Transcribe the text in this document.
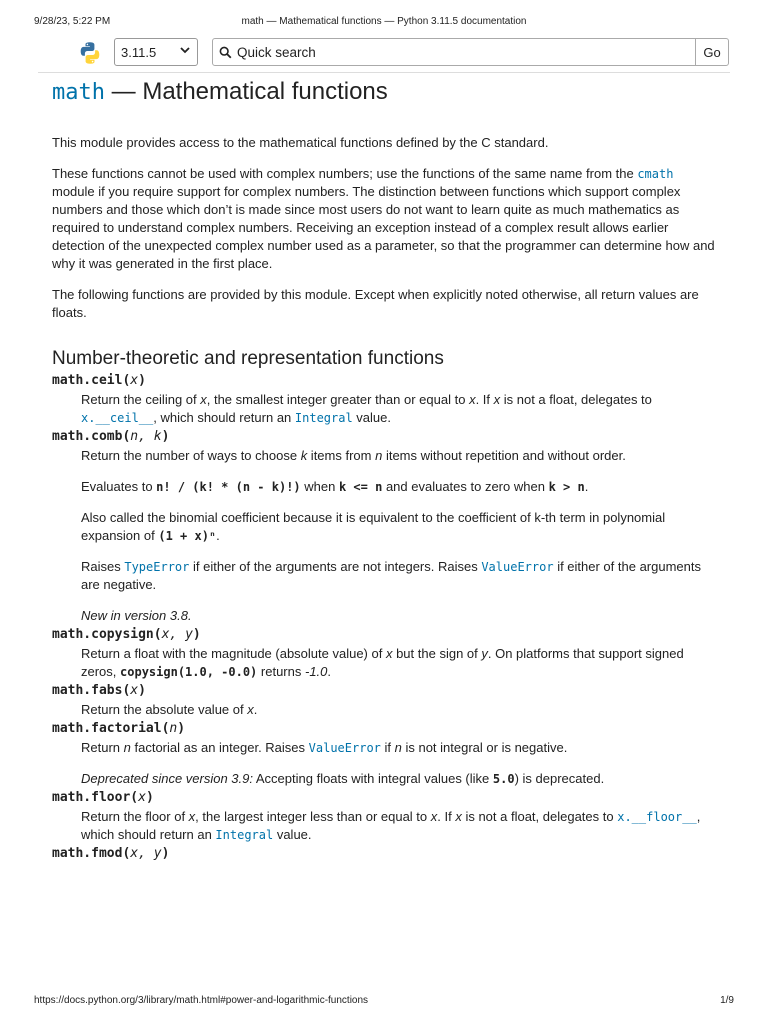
9/28/23, 5:22 PM	math — Mathematical functions — Python 3.11.5 documentation
3.11.5
Quick search	Go
math — Mathematical functions

This module provides access to the mathematical functions defined by the C standard.

These functions cannot be used with complex numbers; use the functions of the same name from the cmath module if you require support for complex numbers. The distinction between functions which support complex numbers and those which don’t is made since most users do not want to learn quite as much mathematics as required to understand complex numbers. Receiving an exception instead of a complex result allows earlier detection of the unexpected complex number used as a parameter, so that the programmer can determine how and why it was generated in the first place.

The following functions are provided by this module. Except when explicitly noted otherwise, all return values are floats.

Number-theoretic and representation functions
math.ceil(x)

Return the ceiling of x, the smallest integer greater than or equal to x. If x is not a float, delegates to x.__ceil__, which should return an Integral value.

math.comb(n, k)

Return the number of ways to choose k items from n items without repetition and without order.

Evaluates to n! / (k! * (n - k)!) when k <= n and evaluates to zero when k > n.

Also called the binomial coefficient because it is equivalent to the coefficient of k-th term in polynomial expansion of (1 + x)ⁿ.

Raises TypeError if either of the arguments are not integers. Raises ValueError if either of the arguments are negative.

New in version 3.8.

math.copysign(x, y)

Return a float with the magnitude (absolute value) of x but the sign of y. On platforms that support signed zeros, copysign(1.0, -0.0) returns -1.0.

math.fabs(x)

Return the absolute value of x.

math.factorial(n)

Return n factorial as an integer. Raises ValueError if n is not integral or is negative.

Deprecated since version 3.9: Accepting floats with integral values (like 5.0) is deprecated.

math.floor(x)

Return the floor of x, the largest integer less than or equal to x. If x is not a float, delegates to x.__floor__, which should return an Integral value.

math.fmod(x, y)
https://docs.python.org/3/library/math.html#power-and-logarithmic-functions	1/9
